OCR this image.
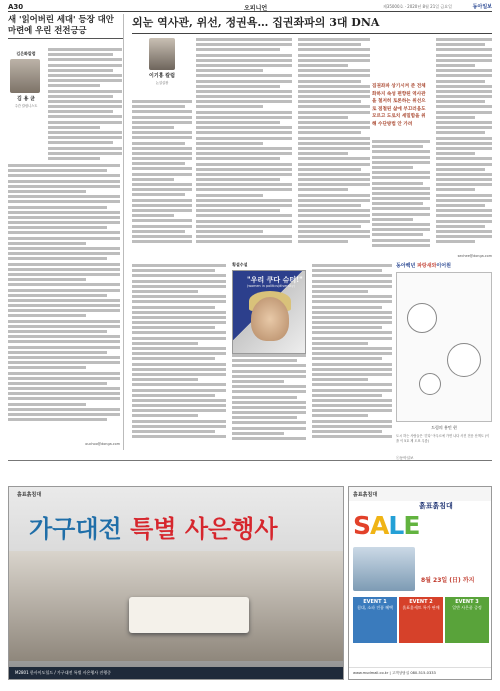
A30	오피니언	제35000호 · 2020년 8월 21일 금요일	동아일보
새 '읽어버린 세대' 등장 대안 마련에 우린 전전긍긍
김은화칼럼
김 용 균
주간 칼럼니스트
ouchoo@donga.com
외눈 역사관, 위선, 정권욕… 집권좌파의 3대 DNA
이기홍 칼럼
논설실장
집권좌파 상기시켜 준 전체화하지 속성 편향된 역사관을 철저히 토론하는 위선으로 점철된 삶에 부끄러움도 모르고 도로치 세밀함을 위해 수단방법 안 가려
sechee@donga.com
횡설수설
"우리 쿠다 슈터!"
(women in politics/diversity)
동아백년 파랑새와이어원
드림의 흥민 현
도시 하는 사람들은 '걷다' 아우르에 가면 나다 사진 전문 산책도 (이을 이 5호 제 도표 무릎)
ⓒ동아일보
흙표흙침대
가구대전 특별 사은행사
M2801 한사이도힐드 / 가구대전 특별 사은행사 진행중
흙표흙침대
흙표흙침대
SALE
8월 23일 (日) 까지
EVENT 1
침대, 소파 전품 혜택
EVENT 2
흙표흙세트 특가 판매
EVENT 3
일반 사은품 증정
www.mudmall.co.kr | 고객상담실 080-515-0333
